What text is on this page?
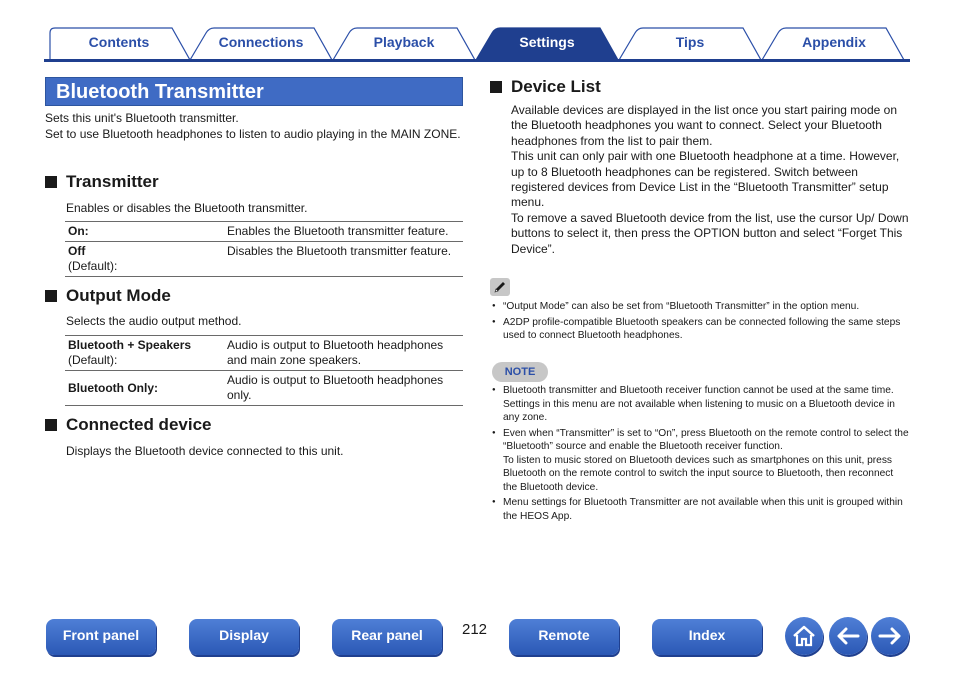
Contents	Connections	Playback	Settings	Tips	Appendix
Bluetooth Transmitter

Sets this unit's Bluetooth transmitter.

Set to use Bluetooth headphones to listen to audio playing in the MAIN ZONE.

Transmitter
Enables or disables the Bluetooth transmitter.
On:	Enables the Bluetooth transmitter feature.
Off
(Default):	Disables the Bluetooth transmitter feature.
Output Mode
Selects the audio output method.
Bluetooth + Speakers
(Default):	Audio is output to Bluetooth headphones and main zone speakers.
Bluetooth Only:	Audio is output to Bluetooth headphones only.
Connected device
Displays the Bluetooth device connected to this unit.
Device List

Available devices are displayed in the list once you start pairing mode on the Bluetooth headphones you want to connect. Select your Bluetooth headphones from the list to pair them.

This unit can only pair with one Bluetooth headphone at a time. However, up to 8 Bluetooth headphones can be registered. Switch between registered devices from Device List in the “Bluetooth Transmitter” setup menu.

To remove a saved Bluetooth device from the list, use the cursor Up/ Down buttons to select it, then press the OPTION button and select “Forget This Device”.

● “Output Mode” can also be set from “Bluetooth Transmitter” in the option menu.
● A2DP profile-compatible Bluetooth speakers can be connected following the same steps used to connect Bluetooth headphones.
NOTE
● Bluetooth transmitter and Bluetooth receiver function cannot be used at the same time. Settings in this menu are not available when listening to music on a Bluetooth device in any zone.
● Even when “Transmitter” is set to “On”, press Bluetooth on the remote control to select the “Bluetooth” source and enable the Bluetooth receiver function.
To listen to music stored on Bluetooth devices such as smartphones on this unit, press Bluetooth on the remote control to switch the input source to Bluetooth, then reconnect the Bluetooth device.
● Menu settings for Bluetooth Transmitter are not available when this unit is grouped within the HEOS App.
Front panel	Display	Rear panel	212	Remote	Index
